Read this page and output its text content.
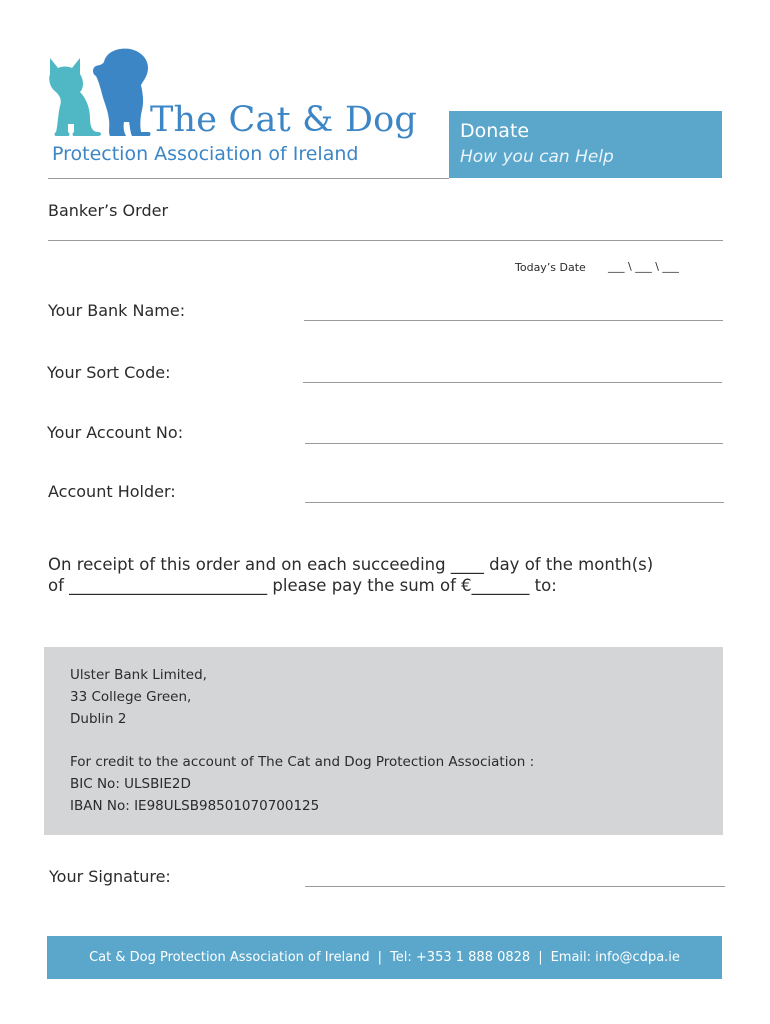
The Cat & Dog
Protection Association of Ireland
Donate
How you can Help
Banker’s Order
Today’s Date ___ \ ___ \ ___
Your Bank Name:
Your Sort Code:
Your Account No:
Account Holder:
On receipt of this order and on each succeeding ____ day of the month(s)
of ________________________ please pay the sum of €_______ to:
Ulster Bank Limited,
33 College Green,
Dublin 2
For credit to the account of The Cat and Dog Protection Association :
BIC No: ULSBIE2D
IBAN No: IE98ULSB98501070700125
Your Signature:
Cat & Dog Protection Association of Ireland | Tel: +353 1 888 0828 | Email: info@cdpa.ie
